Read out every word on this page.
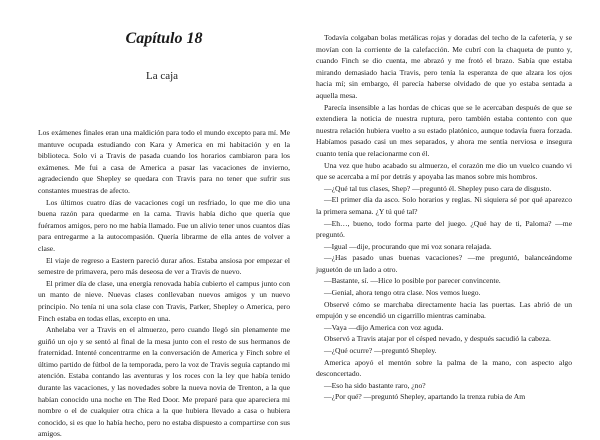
Capítulo 18
La caja

Los exámenes finales eran una maldición para todo el mundo excepto para mí. Me mantuve ocupada estudiando con Kara y America en mi habitación y en la biblioteca. Solo vi a Travis de pasada cuando los horarios cambiaron para los exámenes. Me fui a casa de America a pasar las vacaciones de invierno, agradeciendo que Shepley se quedara con Travis para no tener que sufrir sus constantes muestras de afecto.

Los últimos cuatro días de vacaciones cogí un resfriado, lo que me dio una buena razón para quedarme en la cama. Travis había dicho que quería que fuéramos amigos, pero no me había llamado. Fue un alivio tener unos cuantos días para entregarme a la autocompasión. Quería librarme de ella antes de volver a clase.

El viaje de regreso a Eastern pareció durar años. Estaba ansiosa por empezar el semestre de primavera, pero más deseosa de ver a Travis de nuevo.

El primer día de clase, una energía renovada había cubierto el campus junto con un manto de nieve. Nuevas clases conllevaban nuevos amigos y un nuevo principio. No tenía ni una sola clase con Travis, Parker, Shepley o America, pero Finch estaba en todas ellas, excepto en una.

Anhelaba ver a Travis en el almuerzo, pero cuando llegó sin plenamente me guiñó un ojo y se sentó al final de la mesa junto con el resto de sus hermanos de fraternidad. Intenté concentrarme en la conversación de America y Finch sobre el último partido de fútbol de la temporada, pero la voz de Travis seguía captando mi atención. Estaba contando las aventuras y los roces con la ley que había tenido durante las vacaciones, y las novedades sobre la nueva novia de Trenton, a la que habían conocido una noche en The Red Door. Me preparé para que apareciera mi nombre o el de cualquier otra chica a la que hubiera llevado a casa o hubiera conocido, si es que lo había hecho, pero no estaba dispuesto a compartirse con sus amigos.

Todavía colgaban bolas metálicas rojas y doradas del techo de la cafetería, y se movían con la corriente de la calefacción. Me cubrí con la chaqueta de punto y, cuando Finch se dio cuenta, me abrazó y me frotó el brazo. Sabía que estaba mirando demasiado hacia Travis, pero tenía la esperanza de que alzara los ojos hacia mí; sin embargo, él parecía haberse olvidado de que yo estaba sentada a aquella mesa.

Parecía insensible a las hordas de chicas que se le acercaban después de que se extendiera la noticia de nuestra ruptura, pero también estaba contento con que nuestra relación hubiera vuelto a su estado platónico, aunque todavía fuera forzada. Habíamos pasado casi un mes separados, y ahora me sentía nerviosa e insegura cuanto tenía que relacionarme con él.

Una vez que hubo acabado su almuerzo, el corazón me dio un vuelco cuando vi que se acercaba a mí por detrás y apoyaba las manos sobre mis hombros.

—¿Qué tal tus clases, Shep? —preguntó él. Shepley puso cara de disgusto.

—El primer día da asco. Solo horarios y reglas. Ni siquiera sé por qué aparezco la primera semana. ¿Y tú qué tal?

—Eh…, bueno, todo forma parte del juego. ¿Qué hay de ti, Paloma? —me preguntó.

—Igual —dije, procurando que mi voz sonara relajada.

—¿Has pasado unas buenas vacaciones? —me preguntó, balanceándome juguetón de un lado a otro.

—Bastante, sí. —Hice lo posible por parecer convincente.

—Genial, ahora tengo otra clase. Nos vemos luego.

Observé cómo se marchaba directamente hacia las puertas. Las abrió de un empujón y se encendió un cigarrillo mientras caminaba.

—Vaya —dijo America con voz aguda.

Observó a Travis atajar por el césped nevado, y después sacudió la cabeza.

—¿Qué ocurre? —preguntó Shepley.

America apoyó el mentón sobre la palma de la mano, con aspecto algo desconcertado.

—Eso ha sido bastante raro, ¿no?

—¿Por qué? —preguntó Shepley, apartando la trenza rubia de Am
